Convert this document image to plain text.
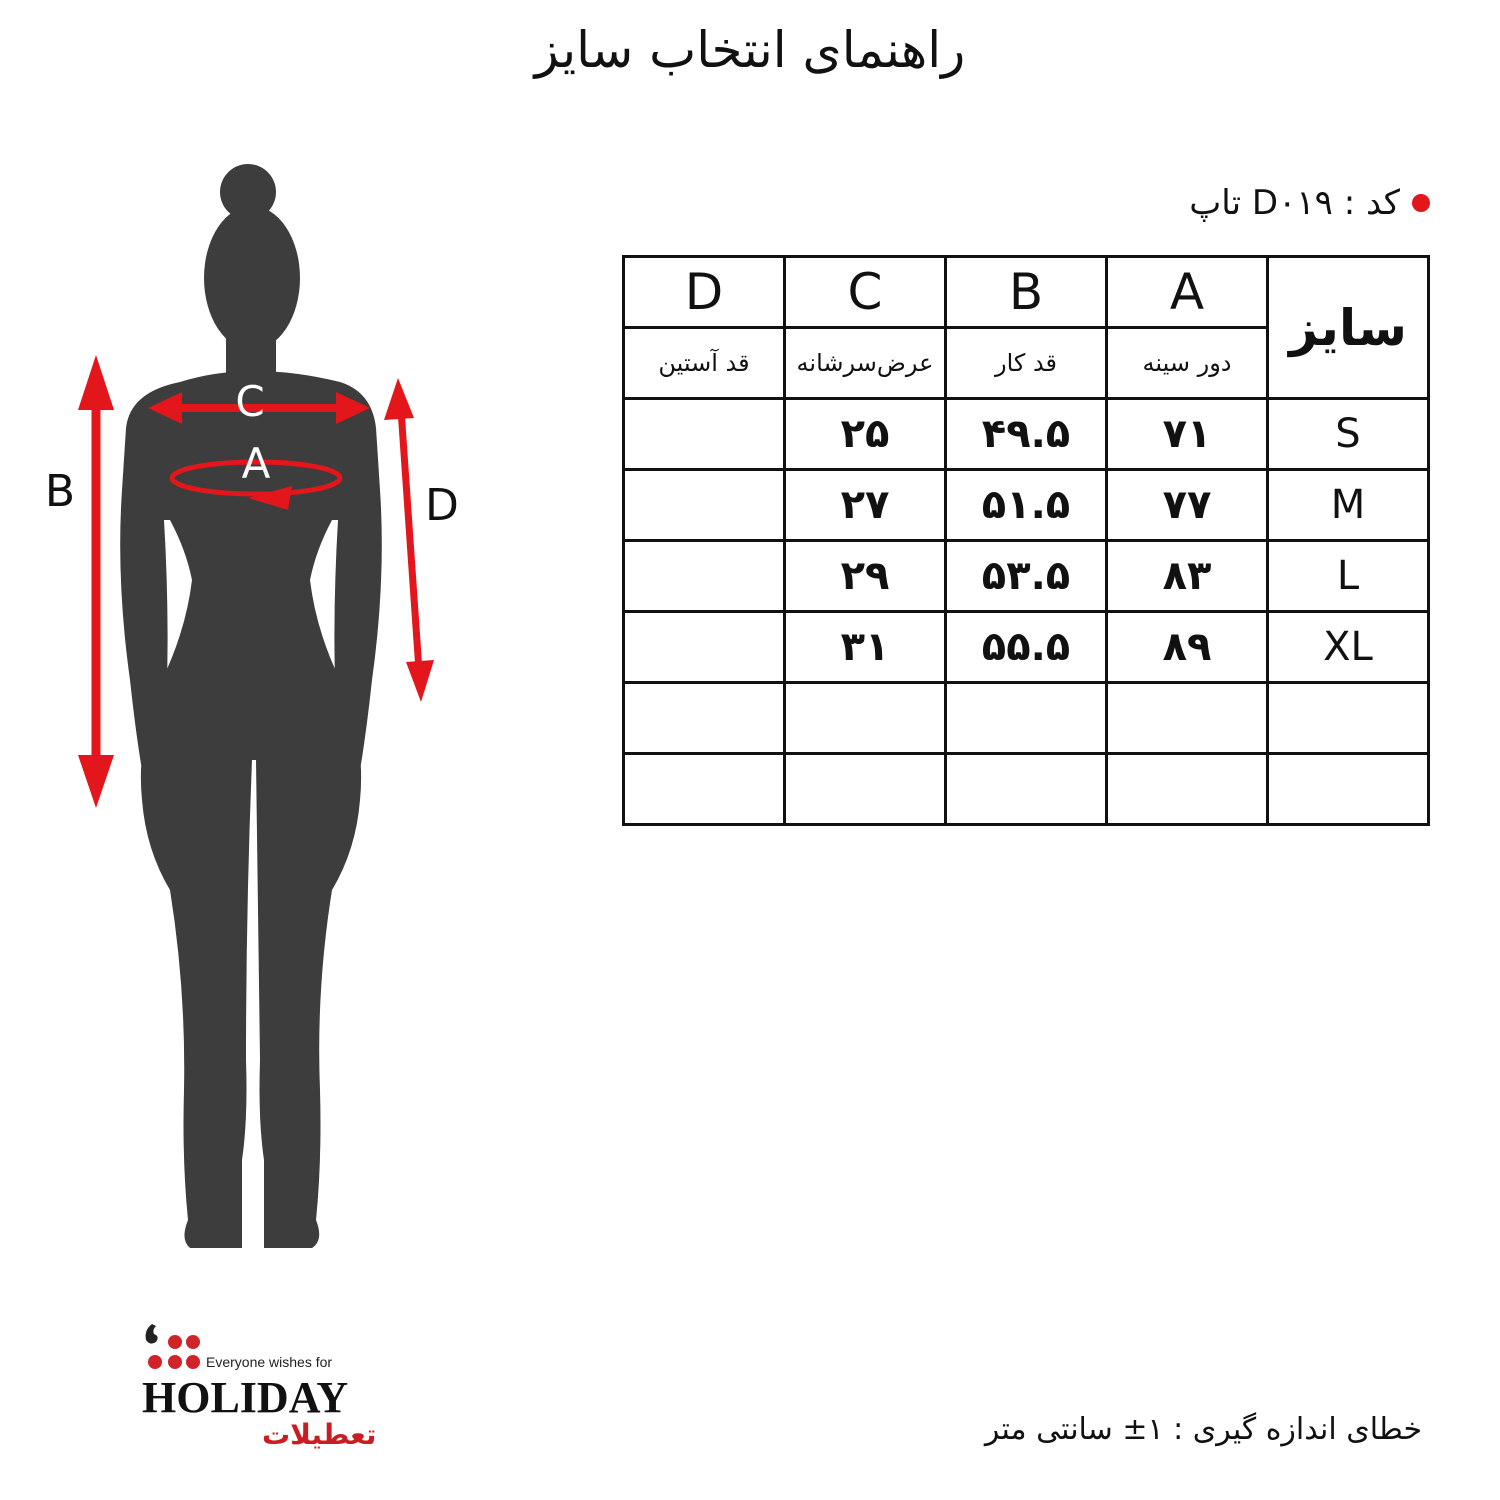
راهنمای انتخاب سایز
B	D
C
A
کد : D۰۱۹ تاپ
سایز	A	B	C	D
	دور سینه	قد کار	عرض‌سرشانه	قد آستین
S	۷۱	۴۹.۵	۲۵	
M	۷۷	۵۱.۵	۲۷	
L	۸۳	۵۳.۵	۲۹	
XL	۸۹	۵۵.۵	۳۱	

Everyone wishes for
HOLIDAY
تعطیلات	خطای اندازه گیری : ۱± سانتی متر
